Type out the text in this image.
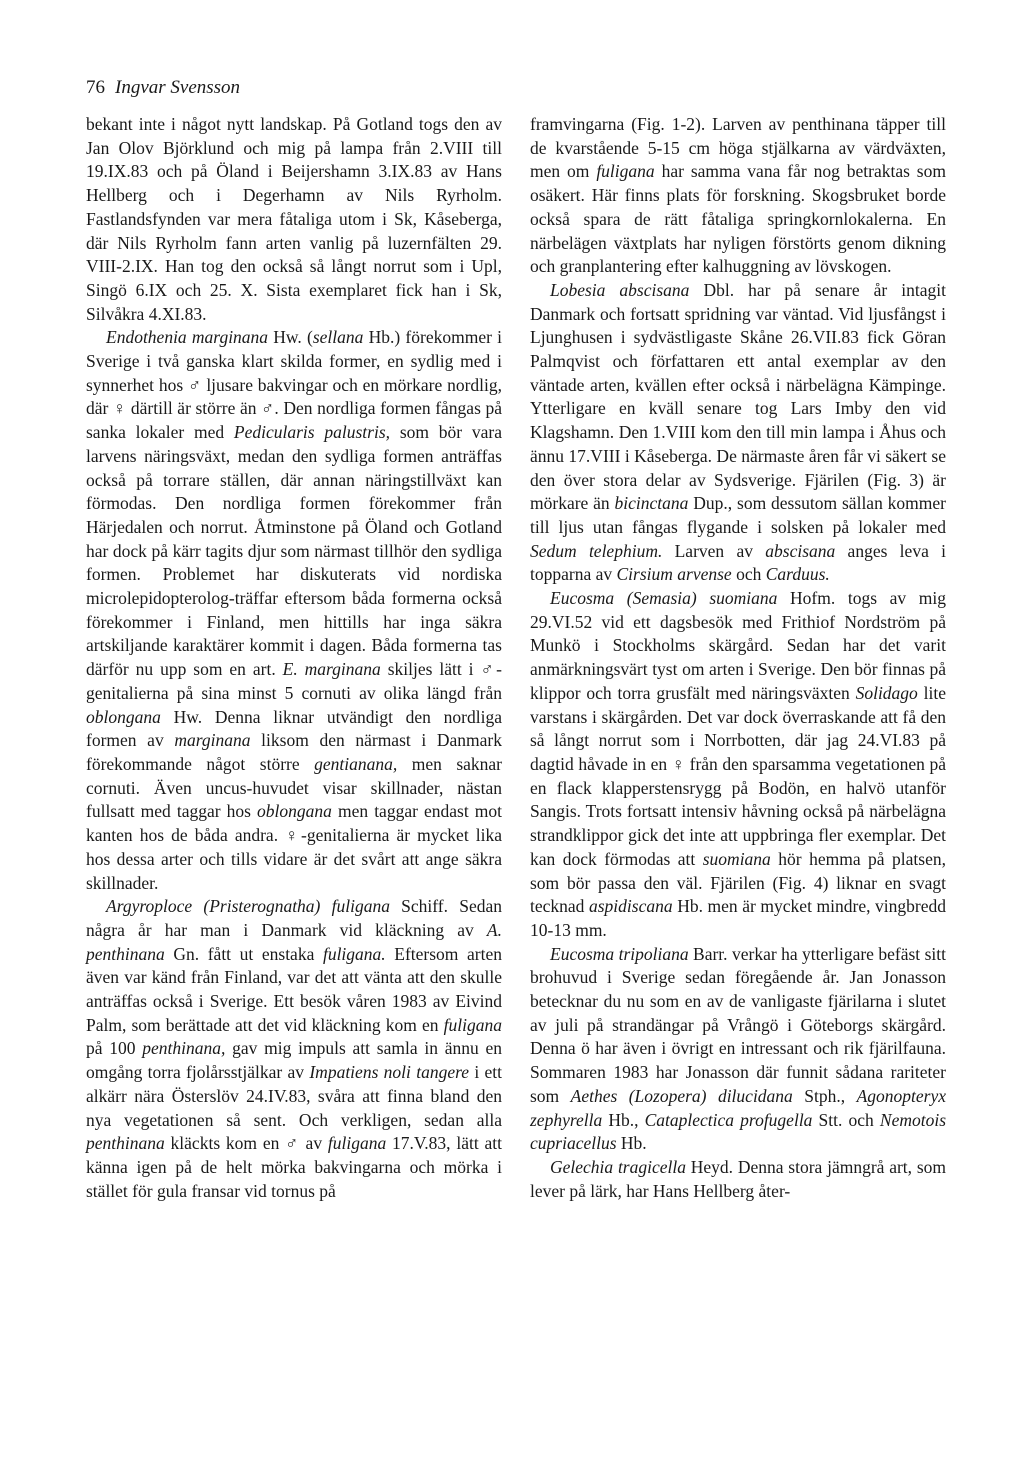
76 Ingvar Svensson

bekant inte i något nytt landskap. På Gotland togs den av Jan Olov Björklund och mig på lampa från 2.VIII till 19.IX.83 och på Öland i Beijershamn 3.IX.83 av Hans Hellberg och i Degerhamn av Nils Ryrholm. Fastlandsfynden var mera fåtaliga utom i Sk, Kåseberga, där Nils Ryrholm fann arten vanlig på luzernfälten 29. VIII-2.IX. Han tog den också så långt norrut som i Upl, Singö 6.IX och 25. X. Sista exemplaret fick han i Sk, Silvåkra 4.XI.83.

Endothenia marginana Hw. (sellana Hb.) förekommer i Sverige i två ganska klart skilda former, en sydlig med i synnerhet hos ♂ ljusare bakvingar och en mörkare nordlig, där ♀ därtill är större än ♂. Den nordliga formen fångas på sanka lokaler med Pedicularis palustris, som bör vara larvens näringsväxt, medan den sydliga formen anträffas också på torrare ställen, där annan näringstillväxt kan förmodas. Den nordliga formen förekommer från Härjedalen och norrut. Åtminstone på Öland och Gotland har dock på kärr tagits djur som närmast tillhör den sydliga formen. Problemet har diskuterats vid nordiska microlepidopterolog-träffar eftersom båda formerna också förekommer i Finland, men hittills har inga säkra artskiljande karaktärer kommit i dagen. Båda formerna tas därför nu upp som en art. E. marginana skiljes lätt i ♂-genitalierna på sina minst 5 cornuti av olika längd från oblongana Hw. Denna liknar utvändigt den nordliga formen av marginana liksom den närmast i Danmark förekommande något större gentianana, men saknar cornuti. Även uncus-huvudet visar skillnader, nästan fullsatt med taggar hos oblongana men taggar endast mot kanten hos de båda andra. ♀-genitalierna är mycket lika hos dessa arter och tills vidare är det svårt att ange säkra skillnader.

Argyroploce (Pristerognatha) fuligana Schiff. Sedan några år har man i Danmark vid kläckning av A. penthinana Gn. fått ut enstaka fuligana. Eftersom arten även var känd från Finland, var det att vänta att den skulle anträffas också i Sverige. Ett besök våren 1983 av Eivind Palm, som berättade att det vid kläckning kom en fuligana på 100 penthinana, gav mig impuls att samla in ännu en omgång torra fjolårsstjälkar av Impatiens noli tangere i ett alkärr nära Österslöv 24.IV.83, svåra att finna bland den nya vegetationen så sent. Och verkligen, sedan alla penthinana kläckts kom en ♂ av fuligana 17.V.83, lätt att känna igen på de helt mörka bakvingarna och mörka i stället för gula fransar vid tornus på

framvingarna (Fig. 1-2). Larven av penthinana täpper till de kvarstående 5-15 cm höga stjälkarna av värdväxten, men om fuligana har samma vana får nog betraktas som osäkert. Här finns plats för forskning. Skogsbruket borde också spara de rätt fåtaliga springkornlokalerna. En närbelägen växtplats har nyligen förstörts genom dikning och granplantering efter kalhuggning av lövskogen.

Lobesia abscisana Dbl. har på senare år intagit Danmark och fortsatt spridning var väntad. Vid ljusfångst i Ljunghusen i sydvästligaste Skåne 26.VII.83 fick Göran Palmqvist och författaren ett antal exemplar av den väntade arten, kvällen efter också i närbelägna Kämpinge. Ytterligare en kväll senare tog Lars Imby den vid Klagshamn. Den 1.VIII kom den till min lampa i Åhus och ännu 17.VIII i Kåseberga. De närmaste åren får vi säkert se den över stora delar av Sydsverige. Fjärilen (Fig. 3) är mörkare än bicinctana Dup., som dessutom sällan kommer till ljus utan fångas flygande i solsken på lokaler med Sedum telephium. Larven av abscisana anges leva i topparna av Cirsium arvense och Carduus.

Eucosma (Semasia) suomiana Hofm. togs av mig 29.VI.52 vid ett dagsbesök med Frithiof Nordström på Munkö i Stockholms skärgård. Sedan har det varit anmärkningsvärt tyst om arten i Sverige. Den bör finnas på klippor och torra grusfält med näringsväxten Solidago lite varstans i skärgården. Det var dock överraskande att få den så långt norrut som i Norrbotten, där jag 24.VI.83 på dagtid håvade in en ♀ från den sparsamma vegetationen på en flack klapperstensrygg på Bodön, en halvö utanför Sangis. Trots fortsatt intensiv håvning också på närbelägna strandklippor gick det inte att uppbringa fler exemplar. Det kan dock förmodas att suomiana hör hemma på platsen, som bör passa den väl. Fjärilen (Fig. 4) liknar en svagt tecknad aspidiscana Hb. men är mycket mindre, vingbredd 10-13 mm.

Eucosma tripoliana Barr. verkar ha ytterligare befäst sitt brohuvud i Sverige sedan föregående år. Jan Jonasson betecknar du nu som en av de vanligaste fjärilarna i slutet av juli på strandängar på Vrångö i Göteborgs skärgård. Denna ö har även i övrigt en intressant och rik fjärilfauna. Sommaren 1983 har Jonasson där funnit sådana rariteter som Aethes (Lozopera) dilucidana Stph., Agonopteryx zephyrella Hb., Cataplectica profugella Stt. och Nemotois cupriacellus Hb.

Gelechia tragicella Heyd. Denna stora jämngrå art, som lever på lärk, har Hans Hellberg åter-
